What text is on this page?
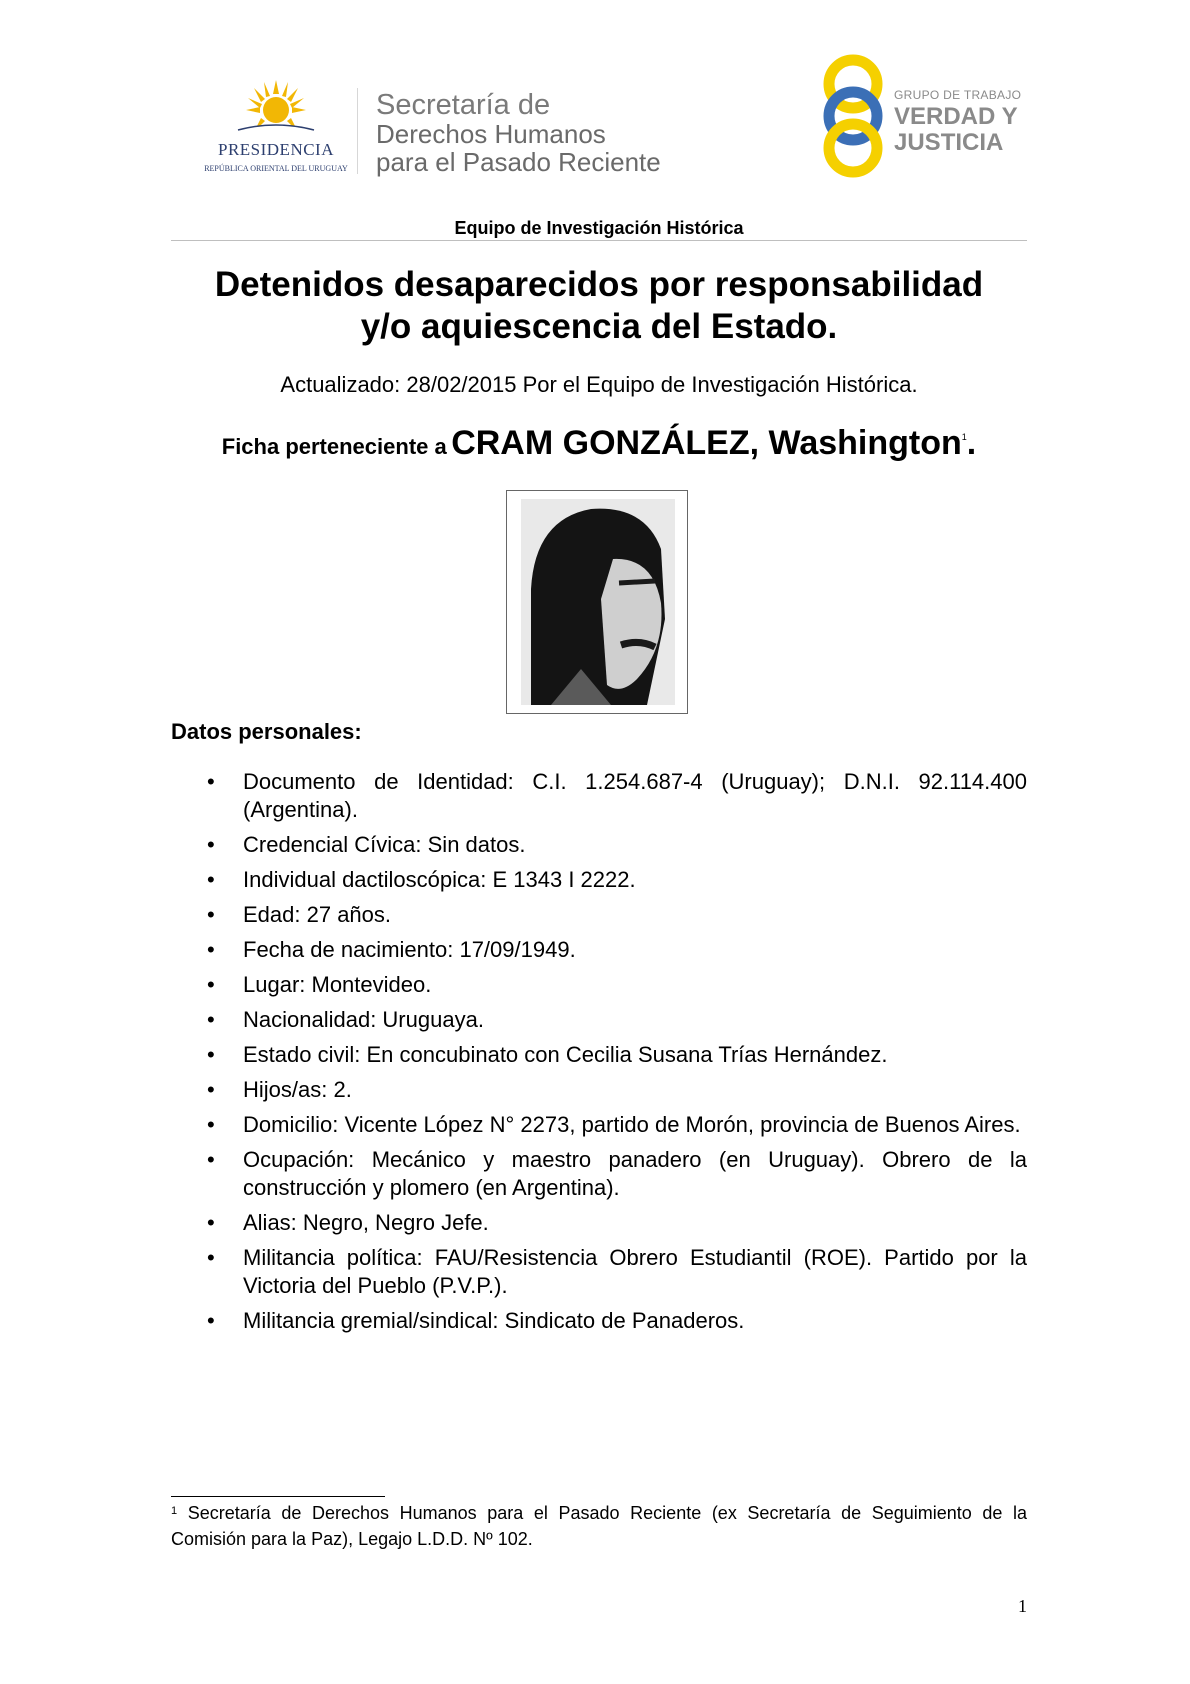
PRESIDENCIA
REPÚBLICA ORIENTAL DEL URUGUAY
Secretaría de
Derechos Humanos
para el Pasado Reciente
GRUPO DE TRABAJO
VERDAD Y
JUSTICIA
Equipo de Investigación Histórica
Detenidos desaparecidos por responsabilidad
y/o aquiescencia del Estado.
Actualizado: 28/02/2015 Por el Equipo de Investigación Histórica.
Ficha perteneciente a CRAM GONZÁLEZ, Washington$^1$.
Datos personales:
• Documento de Identidad: C.I. 1.254.687-4 (Uruguay); D.N.I. 92.114.400 (Argentina).
• Credencial Cívica: Sin datos.
• Individual dactiloscópica: E 1343 I 2222.
• Edad: 27 años.
• Fecha de nacimiento: 17/09/1949.
• Lugar: Montevideo.
• Nacionalidad: Uruguaya.
• Estado civil: En concubinato con Cecilia Susana Trías Hernández.
• Hijos/as: 2.
• Domicilio: Vicente López N° 2273, partido de Morón, provincia de Buenos Aires.
• Ocupación: Mecánico y maestro panadero (en Uruguay). Obrero de la construcción y plomero (en Argentina).
• Alias: Negro, Negro Jefe.
• Militancia política: FAU/Resistencia Obrero Estudiantil (ROE). Partido por la Victoria del Pueblo (P.V.P.).
• Militancia gremial/sindical: Sindicato de Panaderos.
$^1$ Secretaría de Derechos Humanos para el Pasado Reciente (ex Secretaría de Seguimiento de la Comisión para la Paz), Legajo L.D.D. Nº 102.
1
